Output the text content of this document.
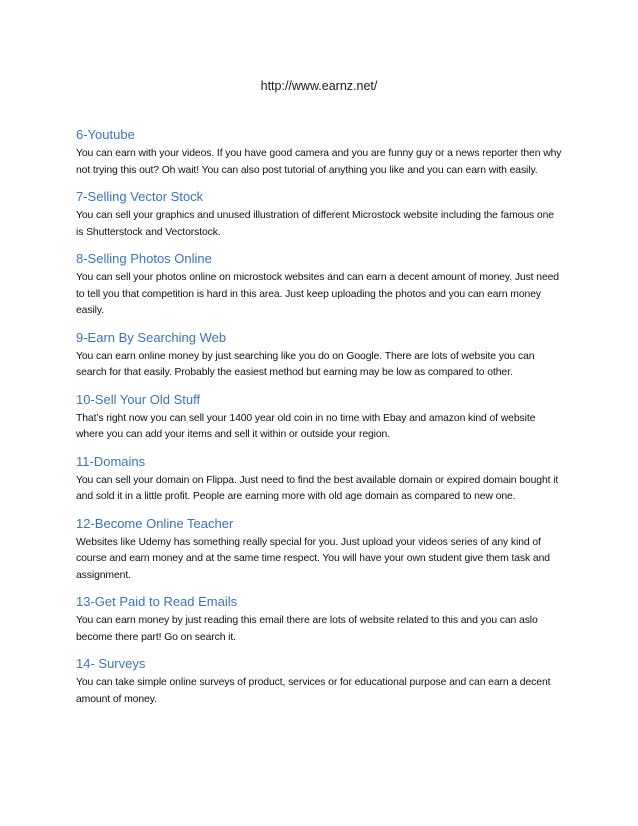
http://www.earnz.net/
6-Youtube

You can earn with your videos. If you have good camera and you are funny guy or a news reporter then why not trying this out? Oh wait! You can also post tutorial of anything you like and you can earn with easily.

7-Selling Vector Stock

You can sell your graphics and unused illustration of different Microstock website including the famous one is Shutterstock and Vectorstock.

8-Selling Photos Online

You can sell your photos online on microstock websites and can earn a decent amount of money. Just need to tell you that competition is hard in this area. Just keep uploading the photos and you can earn money easily.

9-Earn By Searching Web

You can earn online money by just searching like you do on Google. There are lots of website you can search for that easily. Probably the easiest method but earning may be low as compared to other.

10-Sell Your Old Stuff

That’s right now you can sell your 1400 year old coin in no time with Ebay and amazon kind of website where you can add your items and sell it within or outside your region.

11-Domains

You can sell your domain on Flippa. Just need to find the best available domain or expired domain bought it and sold it in a little profit. People are earning more with old age domain as compared to new one.

12-Become Online Teacher

Websites like Udemy has something really special for you. Just upload your videos series of any kind of course and earn money and at the same time respect. You will have your own student give them task and assignment.

13-Get Paid to Read Emails

You can earn money by just reading this email there are lots of website related to this and you can aslo become there part! Go on search it.

14- Surveys

You can take simple online surveys of product, services or for educational purpose and can earn a decent amount of money.
